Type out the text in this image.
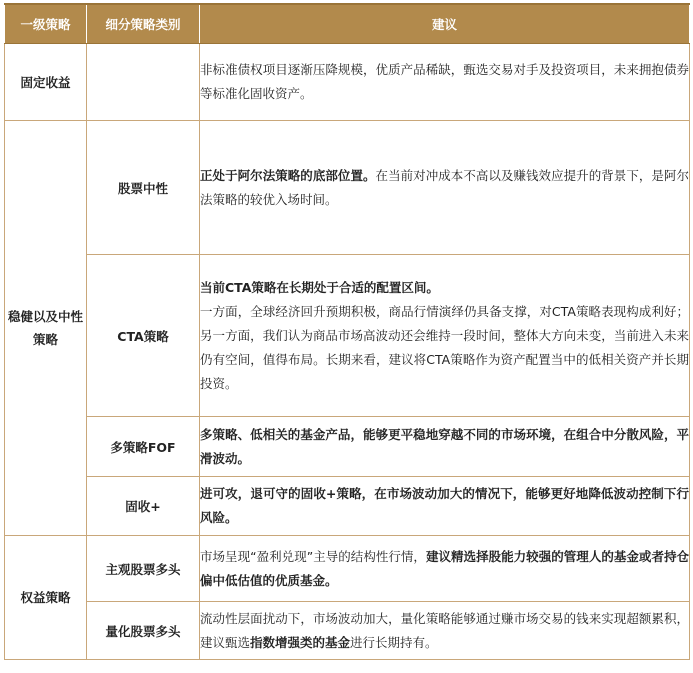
一级策略	细分策略类别	建议
固定收益		非标准债权项目逐渐压降规模，优质产品稀缺，甄选交易对手及投资项目，未来拥抱债券等标准化固收资产。
稳健以及中性策略	股票中性	正处于阿尔法策略的底部位置。在当前对冲成本不高以及赚钱效应提升的背景下，是阿尔法策略的较优入场时间。
	CTA策略	当前CTA策略在长期处于合适的配置区间。
一方面，全球经济回升预期积极，商品行情演绎仍具备支撑，对CTA策略表现构成利好；另一方面，我们认为商品市场高波动还会维持一段时间，整体大方向未变，当前进入未来仍有空间，值得布局。长期来看，建议将CTA策略作为资产配置当中的低相关资产并长期投资。
	多策略FOF	多策略、低相关的基金产品，能够更平稳地穿越不同的市场环境，在组合中分散风险，平滑波动。
	固收+	进可攻，退可守的固收+策略，在市场波动加大的情况下，能够更好地降低波动控制下行风险。
权益策略	主观股票多头	市场呈现“盈利兑现”主导的结构性行情，建议精选择股能力较强的管理人的基金或者持仓偏中低估值的优质基金。
	量化股票多头	流动性层面扰动下，市场波动加大，量化策略能够通过赚市场交易的钱来实现超额累积，建议甄选指数增强类的基金进行长期持有。
